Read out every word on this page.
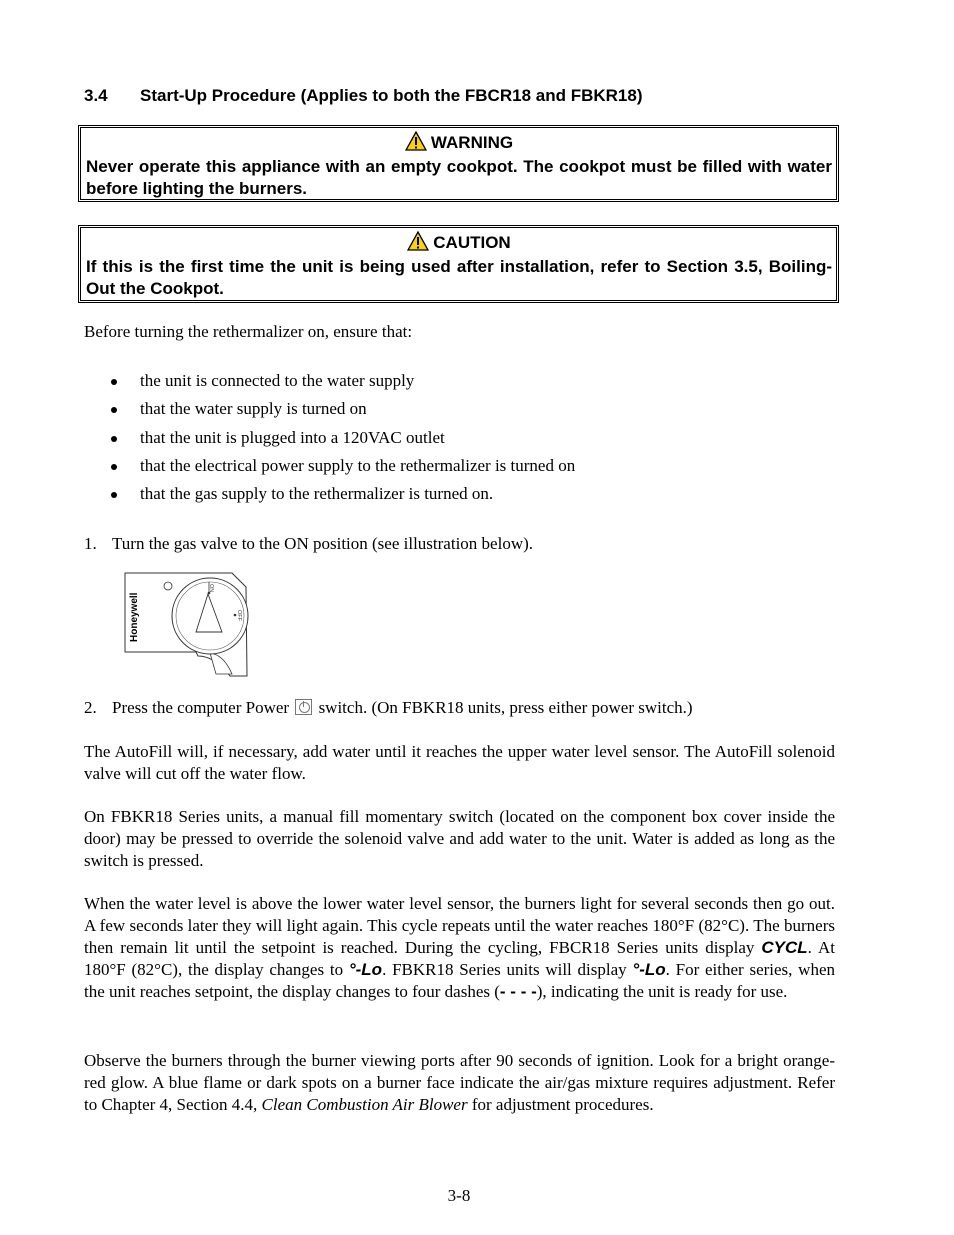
3.4 Start-Up Procedure (Applies to both the FBCR18 and FBKR18)
WARNING
Never operate this appliance with an empty cookpot. The cookpot must be filled with water before lighting the burners.
CAUTION
If this is the first time the unit is being used after installation, refer to Section 3.5, Boiling-Out the Cookpot.
Before turning the rethermalizer on, ensure that:
the unit is connected to the water supply
that the water supply is turned on
that the unit is plugged into a 120VAC outlet
that the electrical power supply to the rethermalizer is turned on
that the gas supply to the rethermalizer is turned on.
1. Turn the gas valve to the ON position (see illustration below).
ON
OFF
Honeywell
2. Press the computer Power switch. (On FBKR18 units, press either power switch.)
The AutoFill will, if necessary, add water until it reaches the upper water level sensor. The AutoFill solenoid valve will cut off the water flow.
On FBKR18 Series units, a manual fill momentary switch (located on the component box cover inside the door) may be pressed to override the solenoid valve and add water to the unit. Water is added as long as the switch is pressed.
When the water level is above the lower water level sensor, the burners light for several seconds then go out. A few seconds later they will light again. This cycle repeats until the water reaches 180°F (82°C). The burners then remain lit until the setpoint is reached. During the cycling, FBCR18 Series units display CYCL. At 180°F (82°C), the display changes to °-Lo. FBKR18 Series units will display °-Lo. For either series, when the unit reaches setpoint, the display changes to four dashes (- - - -), indicating the unit is ready for use.
Observe the burners through the burner viewing ports after 90 seconds of ignition. Look for a bright orange-red glow. A blue flame or dark spots on a burner face indicate the air/gas mixture requires adjustment. Refer to Chapter 4, Section 4.4, Clean Combustion Air Blower for adjustment procedures.
3-8
